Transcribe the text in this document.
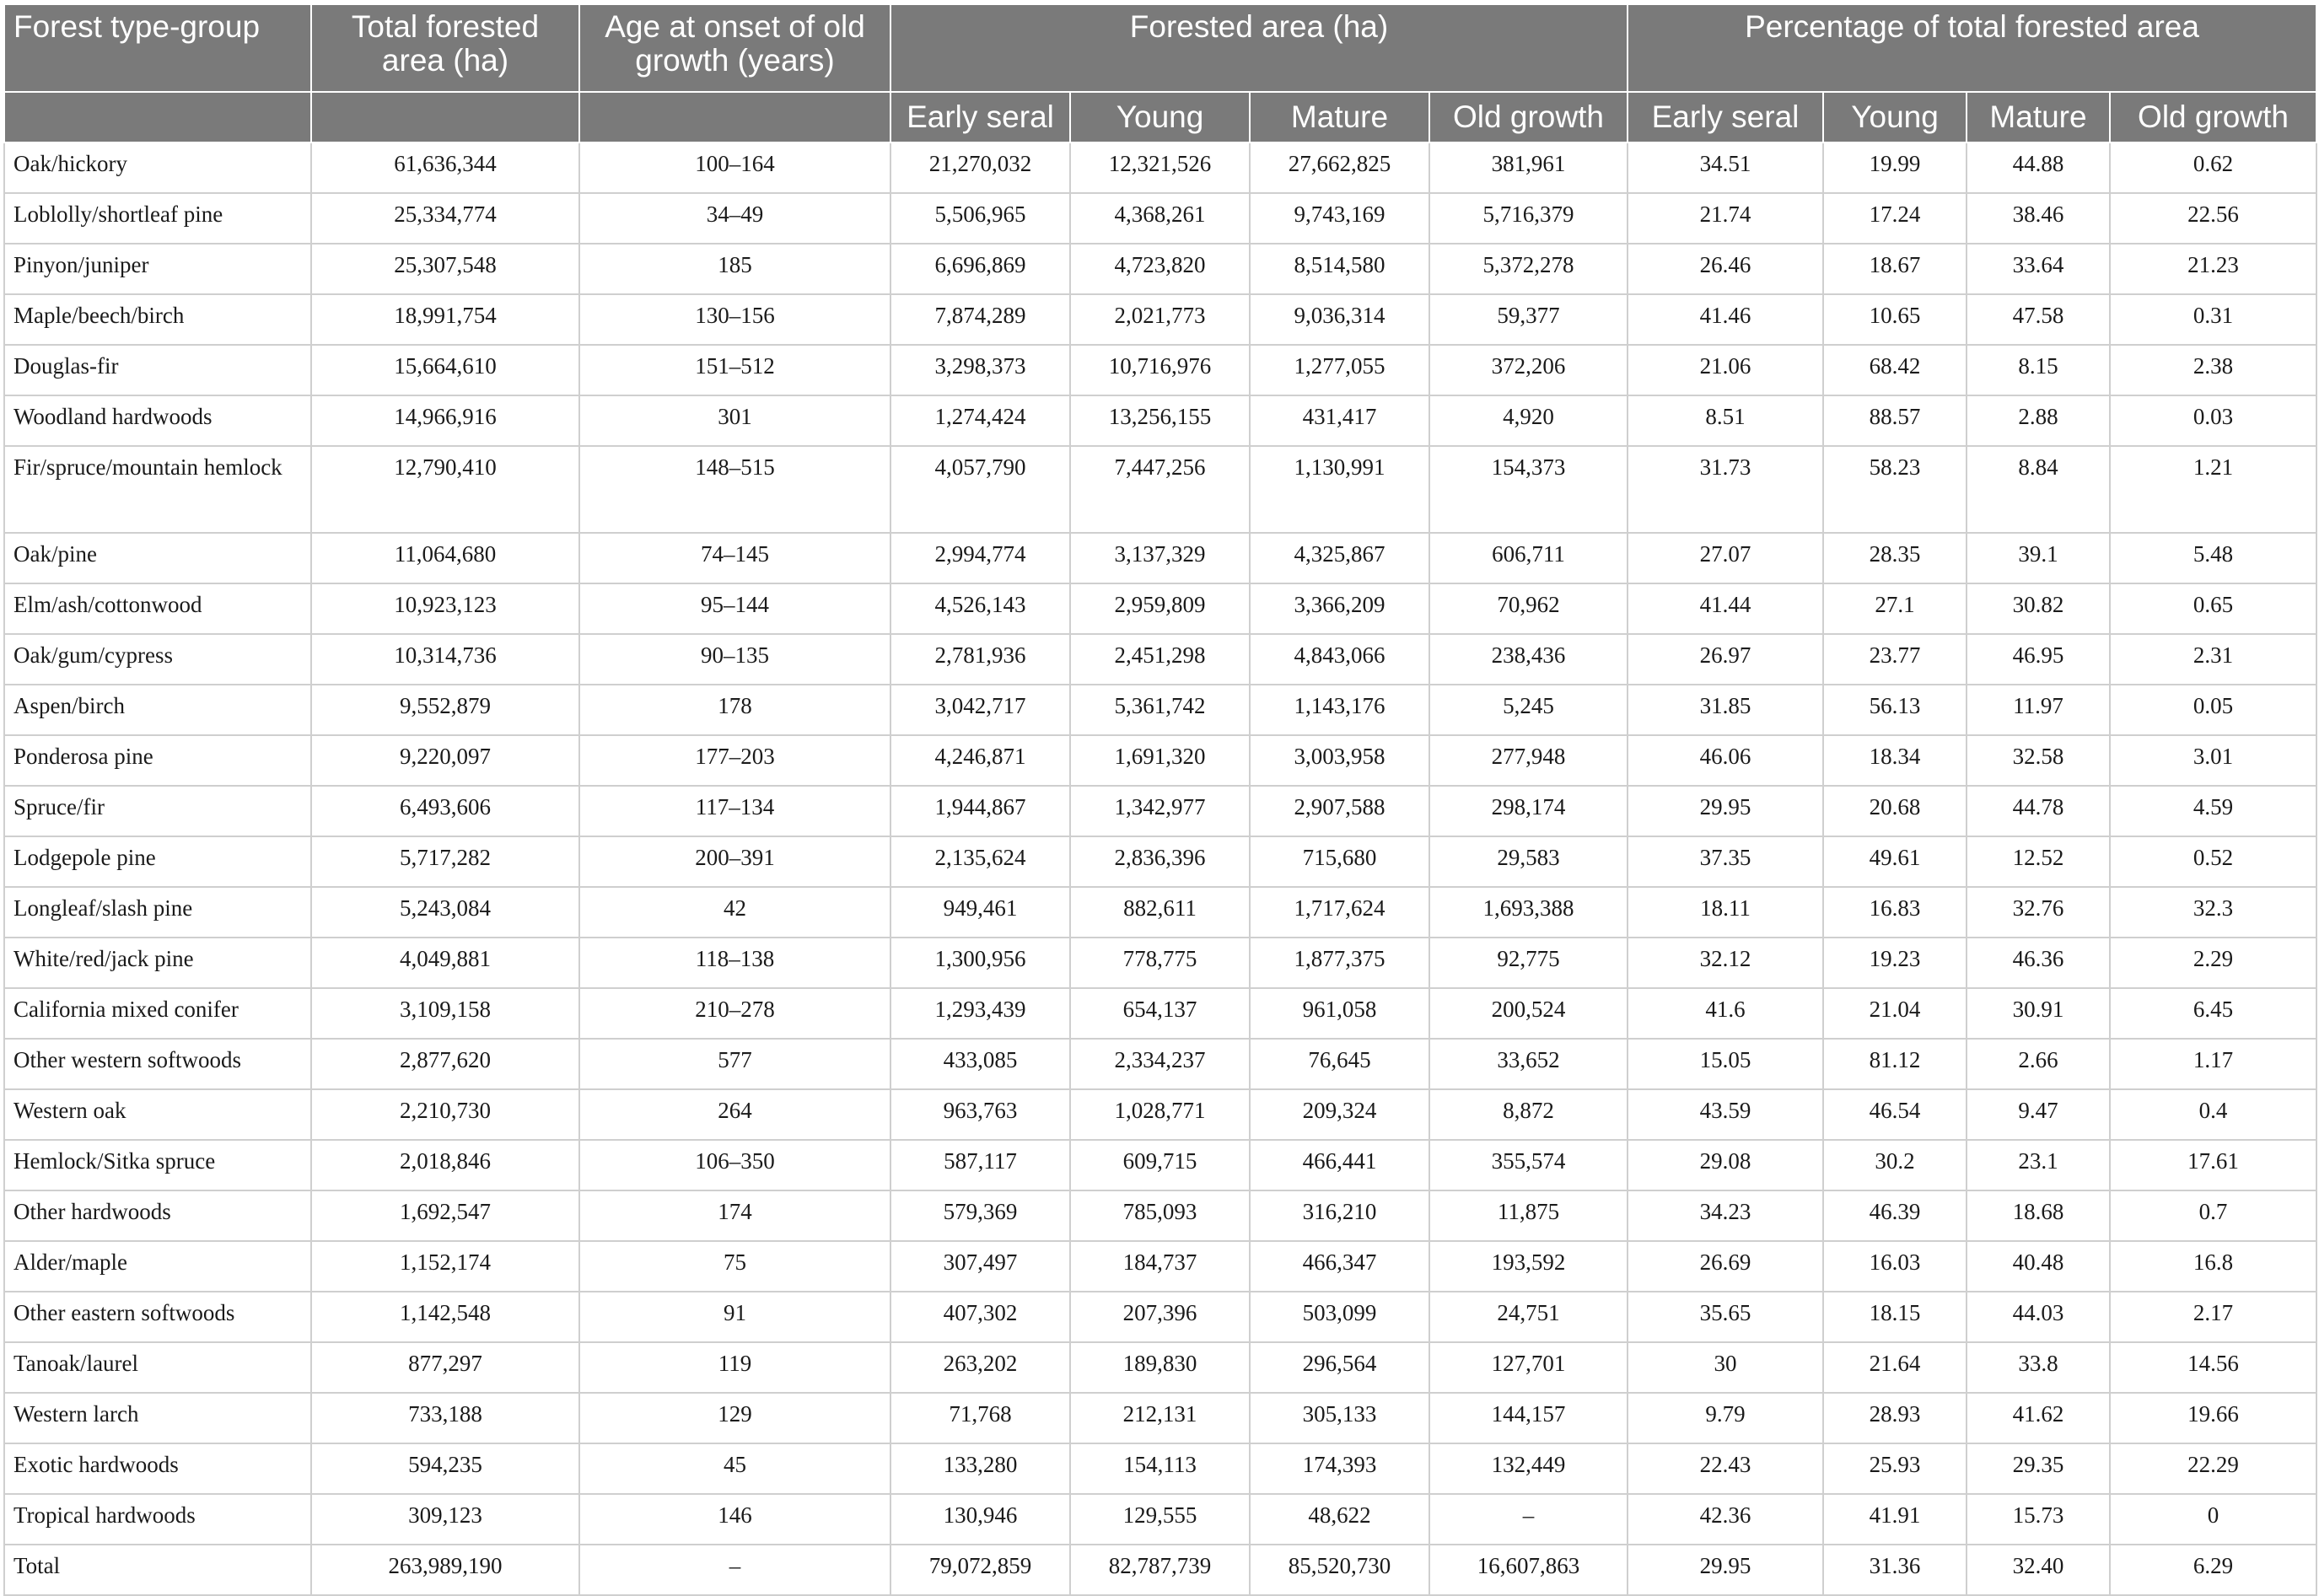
Forest type-group	Total forested area (ha)	Age at onset of old growth (years)	Forested area (ha)				Percentage of total forested area			
			Early seral	Young	Mature	Old growth	Early seral	Young	Mature	Old growth
Oak/hickory	61,636,344	100–164	21,270,032	12,321,526	27,662,825	381,961	34.51	19.99	44.88	0.62
Loblolly/shortleaf pine	25,334,774	34–49	5,506,965	4,368,261	9,743,169	5,716,379	21.74	17.24	38.46	22.56
Pinyon/juniper	25,307,548	185	6,696,869	4,723,820	8,514,580	5,372,278	26.46	18.67	33.64	21.23
Maple/beech/birch	18,991,754	130–156	7,874,289	2,021,773	9,036,314	59,377	41.46	10.65	47.58	0.31
Douglas-fir	15,664,610	151–512	3,298,373	10,716,976	1,277,055	372,206	21.06	68.42	8.15	2.38
Woodland hardwoods	14,966,916	301	1,274,424	13,256,155	431,417	4,920	8.51	88.57	2.88	0.03
Fir/spruce/mountain hemlock	12,790,410	148–515	4,057,790	7,447,256	1,130,991	154,373	31.73	58.23	8.84	1.21
Oak/pine	11,064,680	74–145	2,994,774	3,137,329	4,325,867	606,711	27.07	28.35	39.1	5.48
Elm/ash/cottonwood	10,923,123	95–144	4,526,143	2,959,809	3,366,209	70,962	41.44	27.1	30.82	0.65
Oak/gum/cypress	10,314,736	90–135	2,781,936	2,451,298	4,843,066	238,436	26.97	23.77	46.95	2.31
Aspen/birch	9,552,879	178	3,042,717	5,361,742	1,143,176	5,245	31.85	56.13	11.97	0.05
Ponderosa pine	9,220,097	177–203	4,246,871	1,691,320	3,003,958	277,948	46.06	18.34	32.58	3.01
Spruce/fir	6,493,606	117–134	1,944,867	1,342,977	2,907,588	298,174	29.95	20.68	44.78	4.59
Lodgepole pine	5,717,282	200–391	2,135,624	2,836,396	715,680	29,583	37.35	49.61	12.52	0.52
Longleaf/slash pine	5,243,084	42	949,461	882,611	1,717,624	1,693,388	18.11	16.83	32.76	32.3
White/red/jack pine	4,049,881	118–138	1,300,956	778,775	1,877,375	92,775	32.12	19.23	46.36	2.29
California mixed conifer	3,109,158	210–278	1,293,439	654,137	961,058	200,524	41.6	21.04	30.91	6.45
Other western softwoods	2,877,620	577	433,085	2,334,237	76,645	33,652	15.05	81.12	2.66	1.17
Western oak	2,210,730	264	963,763	1,028,771	209,324	8,872	43.59	46.54	9.47	0.4
Hemlock/Sitka spruce	2,018,846	106–350	587,117	609,715	466,441	355,574	29.08	30.2	23.1	17.61
Other hardwoods	1,692,547	174	579,369	785,093	316,210	11,875	34.23	46.39	18.68	0.7
Alder/maple	1,152,174	75	307,497	184,737	466,347	193,592	26.69	16.03	40.48	16.8
Other eastern softwoods	1,142,548	91	407,302	207,396	503,099	24,751	35.65	18.15	44.03	2.17
Tanoak/laurel	877,297	119	263,202	189,830	296,564	127,701	30	21.64	33.8	14.56
Western larch	733,188	129	71,768	212,131	305,133	144,157	9.79	28.93	41.62	19.66
Exotic hardwoods	594,235	45	133,280	154,113	174,393	132,449	22.43	25.93	29.35	22.29
Tropical hardwoods	309,123	146	130,946	129,555	48,622	–	42.36	41.91	15.73	0
Total	263,989,190	–	79,072,859	82,787,739	85,520,730	16,607,863	29.95	31.36	32.40	6.29
